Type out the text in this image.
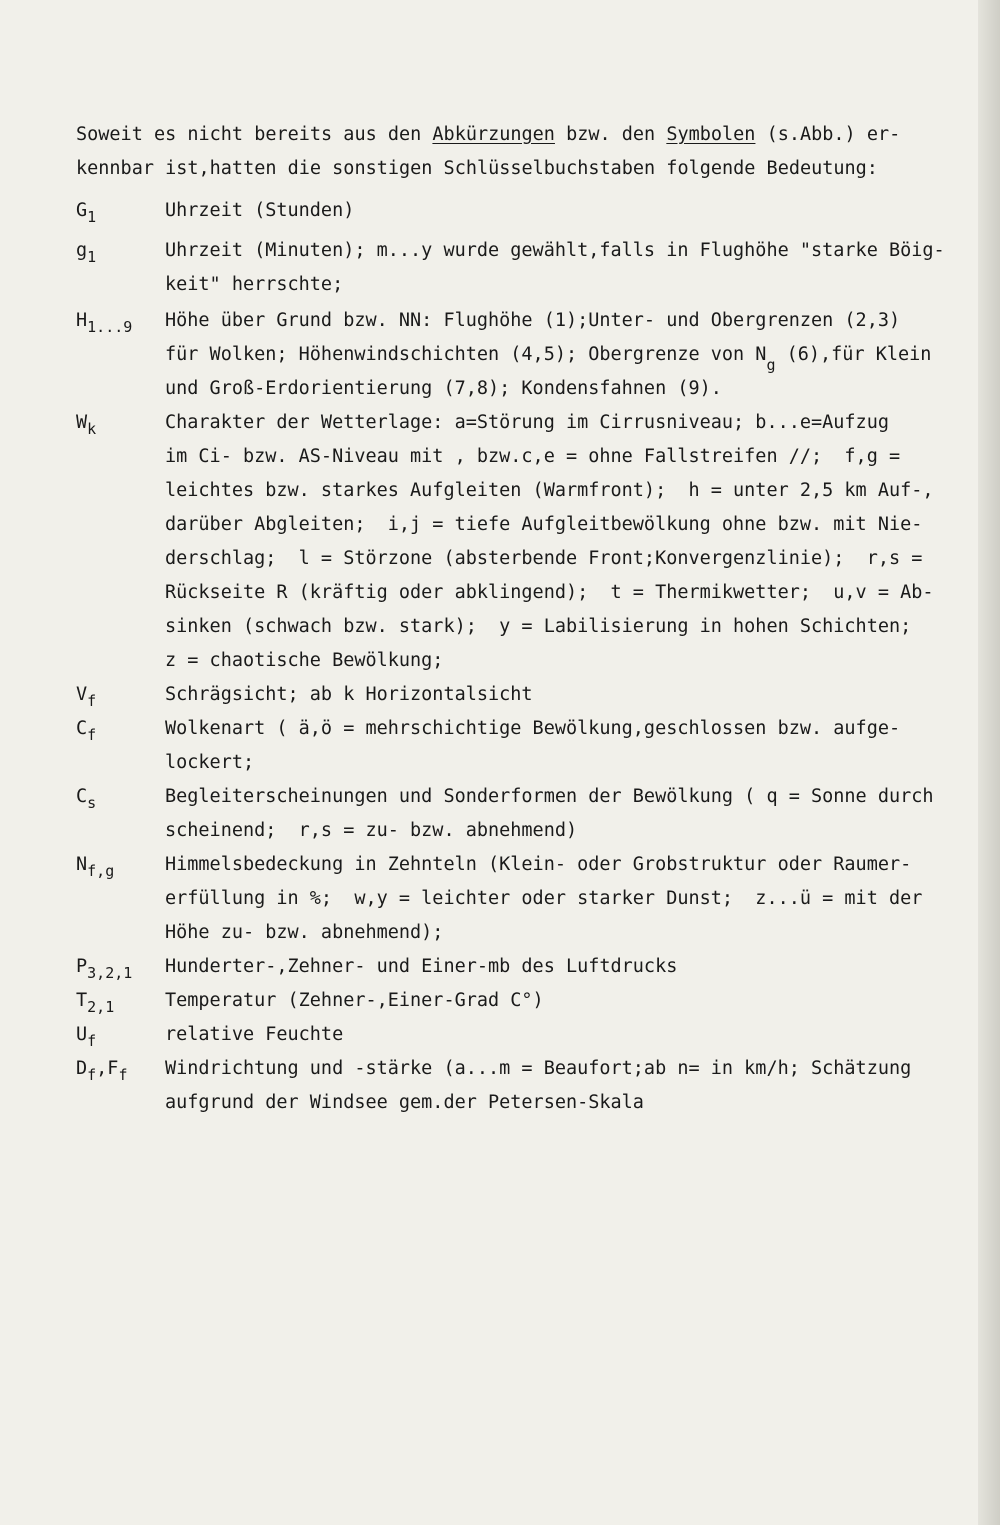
Soweit es nicht bereits aus den Abkürzungen bzw. den Symbolen (s.Abb.) er-

kennbar ist,hatten die sonstigen Schlüsselbuchstaben folgende Bedeutung:

$G_1$	Uhrzeit (Stunden)

$g_1$	Uhrzeit (Minuten); m...y wurde gewählt,falls in Flughöhe "starke Böig-

keit" herrschte;

$H_{1...9}$ Höhe über Grund bzw. NN: Flughöhe (1);Unter- und Obergrenzen (2,3)

für Wolken; Höhenwindschichten (4,5); Obergrenze von $N_g$ (6),für Klein

und Groß-Erdorientierung (7,8); Kondensfahnen (9).

$W_k$	Charakter der Wetterlage: a=Störung im Cirrusniveau; b...e=Aufzug

im Ci- bzw. AS-Niveau mit , bzw.c,e = ohne Fallstreifen //;  f,g =

leichtes bzw. starkes Aufgleiten (Warmfront);  h = unter 2,5 km Auf-,

darüber Abgleiten;  i,j = tiefe Aufgleitbewölkung ohne bzw. mit Nie-

derschlag;  l = Störzone (absterbende Front;Konvergenzlinie);  r,s =

Rückseite R (kräftig oder abklingend);  t = Thermikwetter;  u,v = Ab-

sinken (schwach bzw. stark);  y = Labilisierung in hohen Schichten;

z = chaotische Bewölkung;

$V_f$	Schrägsicht; ab k Horizontalsicht

$C_f$	Wolkenart ( ä,ö = mehrschichtige Bewölkung,geschlossen bzw. aufge-

lockert;

$C_s$	Begleiterscheinungen und Sonderformen der Bewölkung ( q = Sonne durch

scheinend;  r,s = zu- bzw. abnehmend)

$N_{f,g}$	Himmelsbedeckung in Zehnteln (Klein- oder Grobstruktur oder Raumer-

erfüllung in %;  w,y = leichter oder starker Dunst;  z...ü = mit der

Höhe zu- bzw. abnehmend);

$P_{3,2,1}$ Hunderter-,Zehner- und Einer-mb des Luftdrucks

$T_{2,1}$	Temperatur (Zehner-,Einer-Grad C°)

$U_f$	relative Feuchte

$D_f,F_f$ Windrichtung und -stärke (a...m = Beaufort;ab n= in km/h; Schätzung

aufgrund der Windsee gem.der Petersen-Skala
